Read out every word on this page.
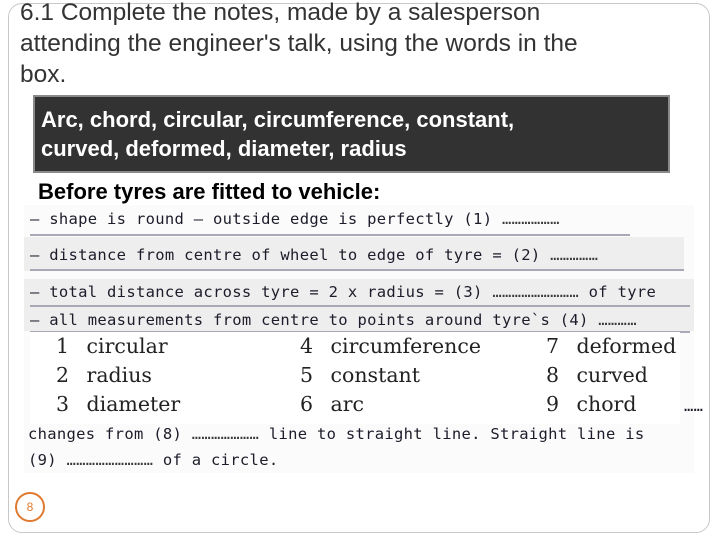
6.1 Complete the notes, made by a salesperson
attending the engineer's talk, using the words in the
box.
Arc, chord, circular, circumference, constant,
curved, deformed, diameter, radius
Before tyres are fitted to vehicle:
— shape is round — outside edge is perfectly (1) ………………
— distance from centre of wheel to edge of tyre = (2) ……………
— total distance across tyre = 2 x radius = (3) ……………………… of tyre
— all measurements from centre to points around tyre`s (4) …………
……
changes from (8) ………………… line to straight line. Straight line is
(9) ……………………… of a circle.
1 circular
2 radius
3 diameter
4 circumference
5 constant
6 arc
7 deformed
8 curved
9 chord
8
